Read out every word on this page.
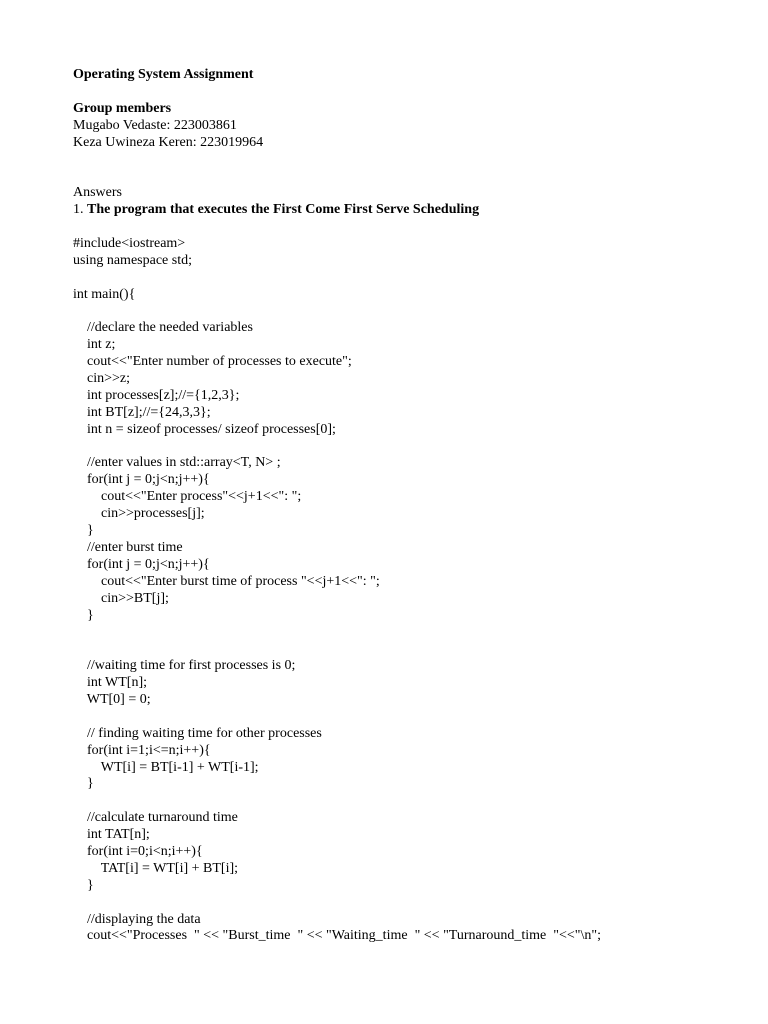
Operating System Assignment
Group members
Mugabo Vedaste: 223003861
Keza Uwineza Keren: 223019964
Answers
1. The program that executes the First Come First Serve Scheduling
#include<iostream>
using namespace std;
int main(){
//declare the needed variables
int z;
cout<<"Enter number of processes to execute";
cin>>z;
int processes[z];//={1,2,3};
int BT[z];//={24,3,3};
int n = sizeof processes/ sizeof processes[0];
//enter values in std::array<T, N> ;
for(int j = 0;j<n;j++){
cout<<"Enter process"<<j+1<<": ";
cin>>processes[j];
}
//enter burst time
for(int j = 0;j<n;j++){
cout<<"Enter burst time of process "<<j+1<<": ";
cin>>BT[j];
}
//waiting time for first processes is 0;
int WT[n];
WT[0] = 0;
// finding waiting time for other processes
for(int i=1;i<=n;i++){
WT[i] = BT[i-1] + WT[i-1];
}
//calculate turnaround time
int TAT[n];
for(int i=0;i<n;i++){
TAT[i] = WT[i] + BT[i];
}
//displaying the data
cout<<"Processes  " << "Burst_time  " << "Waiting_time  " << "Turnaround_time  "<<"\n";
